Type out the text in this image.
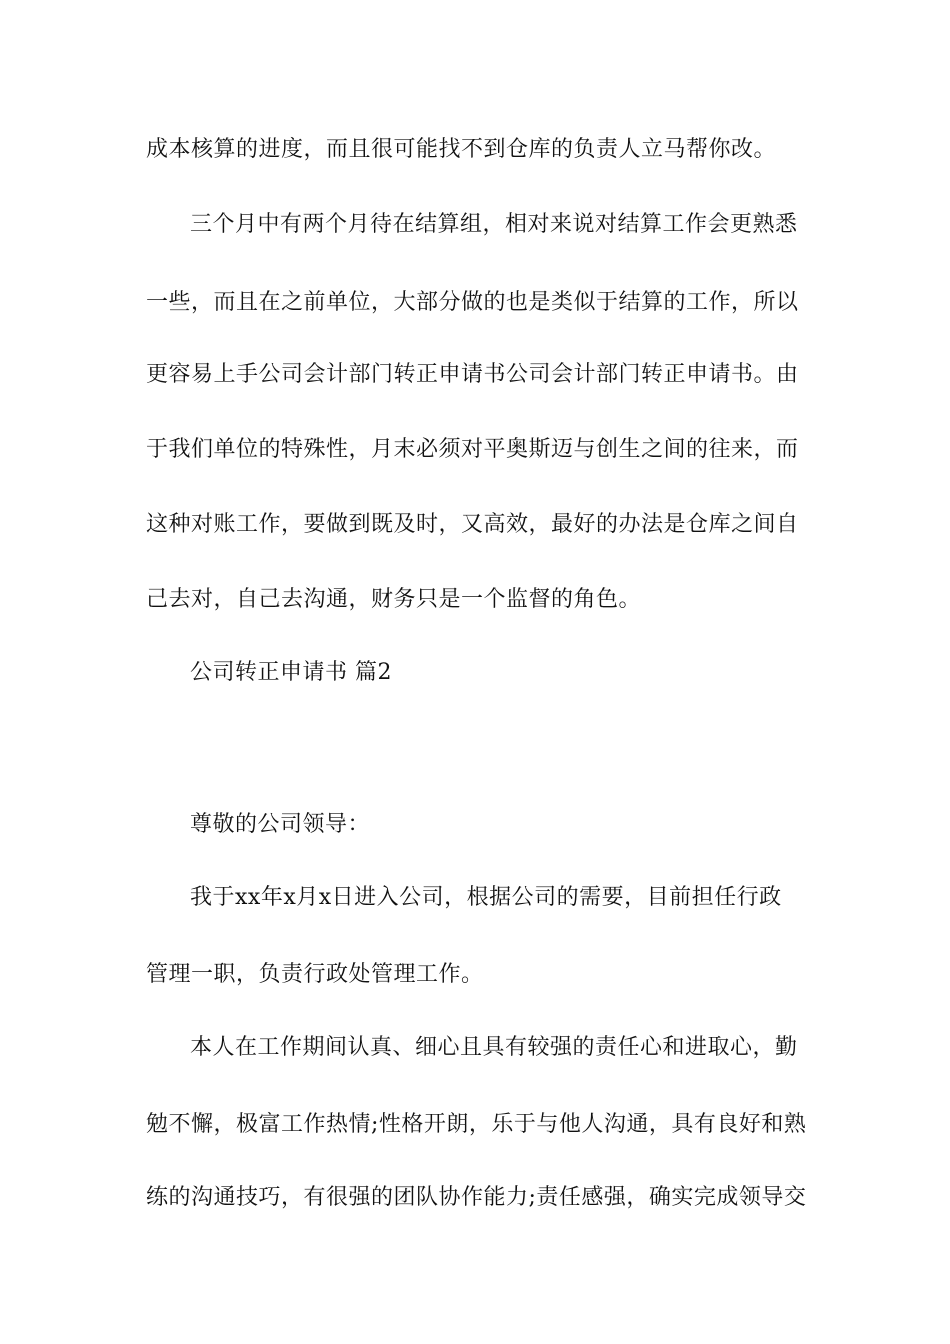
成本核算的进度，而且很可能找不到仓库的负责人立马帮你改。
三个月中有两个月待在结算组，相对来说对结算工作会更熟悉
一些，而且在之前单位，大部分做的也是类似于结算的工作，所以
更容易上手公司会计部门转正申请书公司会计部门转正申请书。由
于我们单位的特殊性，月末必须对平奥斯迈与创生之间的往来，而
这种对账工作，要做到既及时，又高效，最好的办法是仓库之间自
己去对，自己去沟通，财务只是一个监督的角色。
公司转正申请书 篇2
尊敬的公司领导：
我于xx年x月x日进入公司，根据公司的需要，目前担任行政
管理一职，负责行政处管理工作。
本人在工作期间认真、细心且具有较强的责任心和进取心，勤
勉不懈，极富工作热情;性格开朗，乐于与他人沟通，具有良好和熟
练的沟通技巧，有很强的团队协作能力;责任感强，确实完成领导交
